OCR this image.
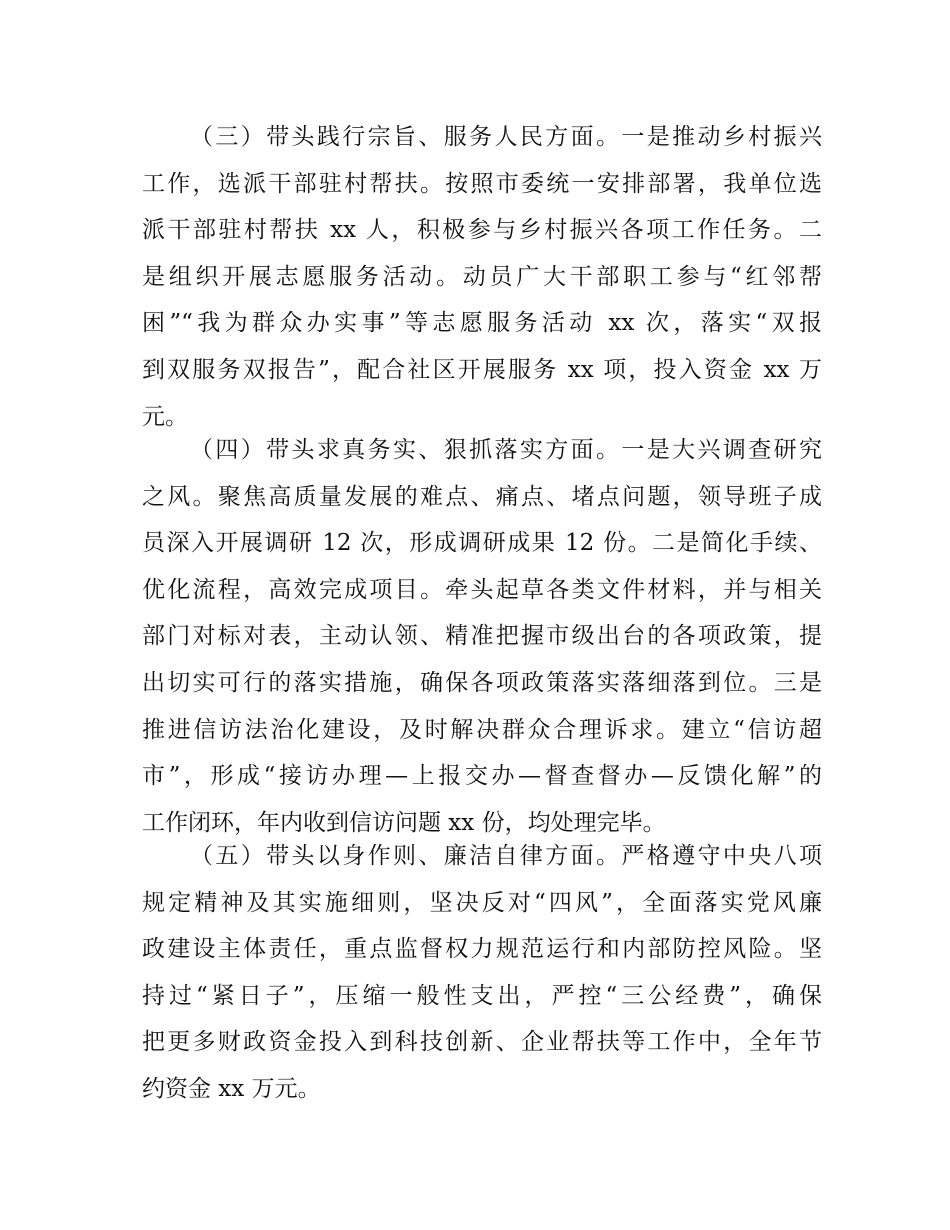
（三）带头践行宗旨、服务人民方面。一是推动乡村振兴
工作，选派干部驻村帮扶。按照市委统一安排部署，我单位选
派干部驻村帮扶 xx 人，积极参与乡村振兴各项工作任务。二
是组织开展志愿服务活动。动员广大干部职工参与“红邻帮
困”“我为群众办实事”等志愿服务活动 xx 次，落实“双报
到双服务双报告”，配合社区开展服务 xx 项，投入资金 xx 万
元。
（四）带头求真务实、狠抓落实方面。一是大兴调查研究
之风。聚焦高质量发展的难点、痛点、堵点问题，领导班子成
员深入开展调研 12 次，形成调研成果 12 份。二是简化手续、
优化流程，高效完成项目。牵头起草各类文件材料，并与相关
部门对标对表，主动认领、精准把握市级出台的各项政策，提
出切实可行的落实措施，确保各项政策落实落细落到位。三是
推进信访法治化建设，及时解决群众合理诉求。建立“信访超
市”，形成“接访办理—上报交办—督查督办—反馈化解”的
工作闭环，年内收到信访问题 xx 份，均处理完毕。
（五）带头以身作则、廉洁自律方面。严格遵守中央八项
规定精神及其实施细则，坚决反对“四风”，全面落实党风廉
政建设主体责任，重点监督权力规范运行和内部防控风险。坚
持过“紧日子”，压缩一般性支出，严控“三公经费”，确保
把更多财政资金投入到科技创新、企业帮扶等工作中，全年节
约资金 xx 万元。
